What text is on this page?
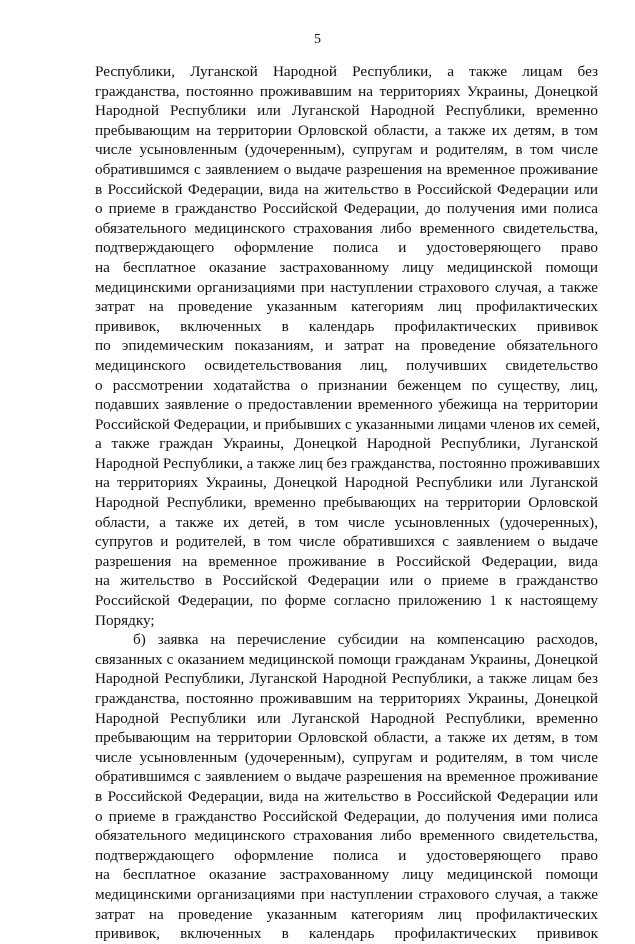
5
Республики, Луганской Народной Республики, а также лицам без
гражданства, постоянно проживавшим на территориях Украины, Донецкой
Народной Республики или Луганской Народной Республики, временно
пребывающим на территории Орловской области, а также их детям, в том
числе усыновленным (удочеренным), супругам и родителям, в том числе
обратившимся с заявлением о выдаче разрешения на временное проживание
в Российской Федерации, вида на жительство в Российской Федерации или
о приеме в гражданство Российской Федерации, до получения ими полиса
обязательного медицинского страхования либо временного свидетельства,
подтверждающего оформление полиса и удостоверяющего право
на бесплатное оказание застрахованному лицу медицинской помощи
медицинскими организациями при наступлении страхового случая, а также
затрат на проведение указанным категориям лиц профилактических
прививок, включенных в календарь профилактических прививок
по эпидемическим показаниям, и затрат на проведение обязательного
медицинского освидетельствования лиц, получивших свидетельство
о рассмотрении ходатайства о признании беженцем по существу, лиц,
подавших заявление о предоставлении временного убежища на территории
Российской Федерации, и прибывших с указанными лицами членов их семей,
а также граждан Украины, Донецкой Народной Республики, Луганской
Народной Республики, а также лиц без гражданства, постоянно проживавших
на территориях Украины, Донецкой Народной Республики или Луганской
Народной Республики, временно пребывающих на территории Орловской
области, а также их детей, в том числе усыновленных (удочеренных),
супругов и родителей, в том числе обратившихся с заявлением о выдаче
разрешения на временное проживание в Российской Федерации, вида
на жительство в Российской Федерации или о приеме в гражданство
Российской Федерации, по форме согласно приложению 1 к настоящему
Порядку;
б) заявка на перечисление субсидии на компенсацию расходов,
связанных с оказанием медицинской помощи гражданам Украины, Донецкой
Народной Республики, Луганской Народной Республики, а также лицам без
гражданства, постоянно проживавшим на территориях Украины, Донецкой
Народной Республики или Луганской Народной Республики, временно
пребывающим на территории Орловской области, а также их детям, в том
числе усыновленным (удочеренным), супругам и родителям, в том числе
обратившимся с заявлением о выдаче разрешения на временное проживание
в Российской Федерации, вида на жительство в Российской Федерации или
о приеме в гражданство Российской Федерации, до получения ими полиса
обязательного медицинского страхования либо временного свидетельства,
подтверждающего оформление полиса и удостоверяющего право
на бесплатное оказание застрахованному лицу медицинской помощи
медицинскими организациями при наступлении страхового случая, а также
затрат на проведение указанным категориям лиц профилактических
прививок, включенных в календарь профилактических прививок
